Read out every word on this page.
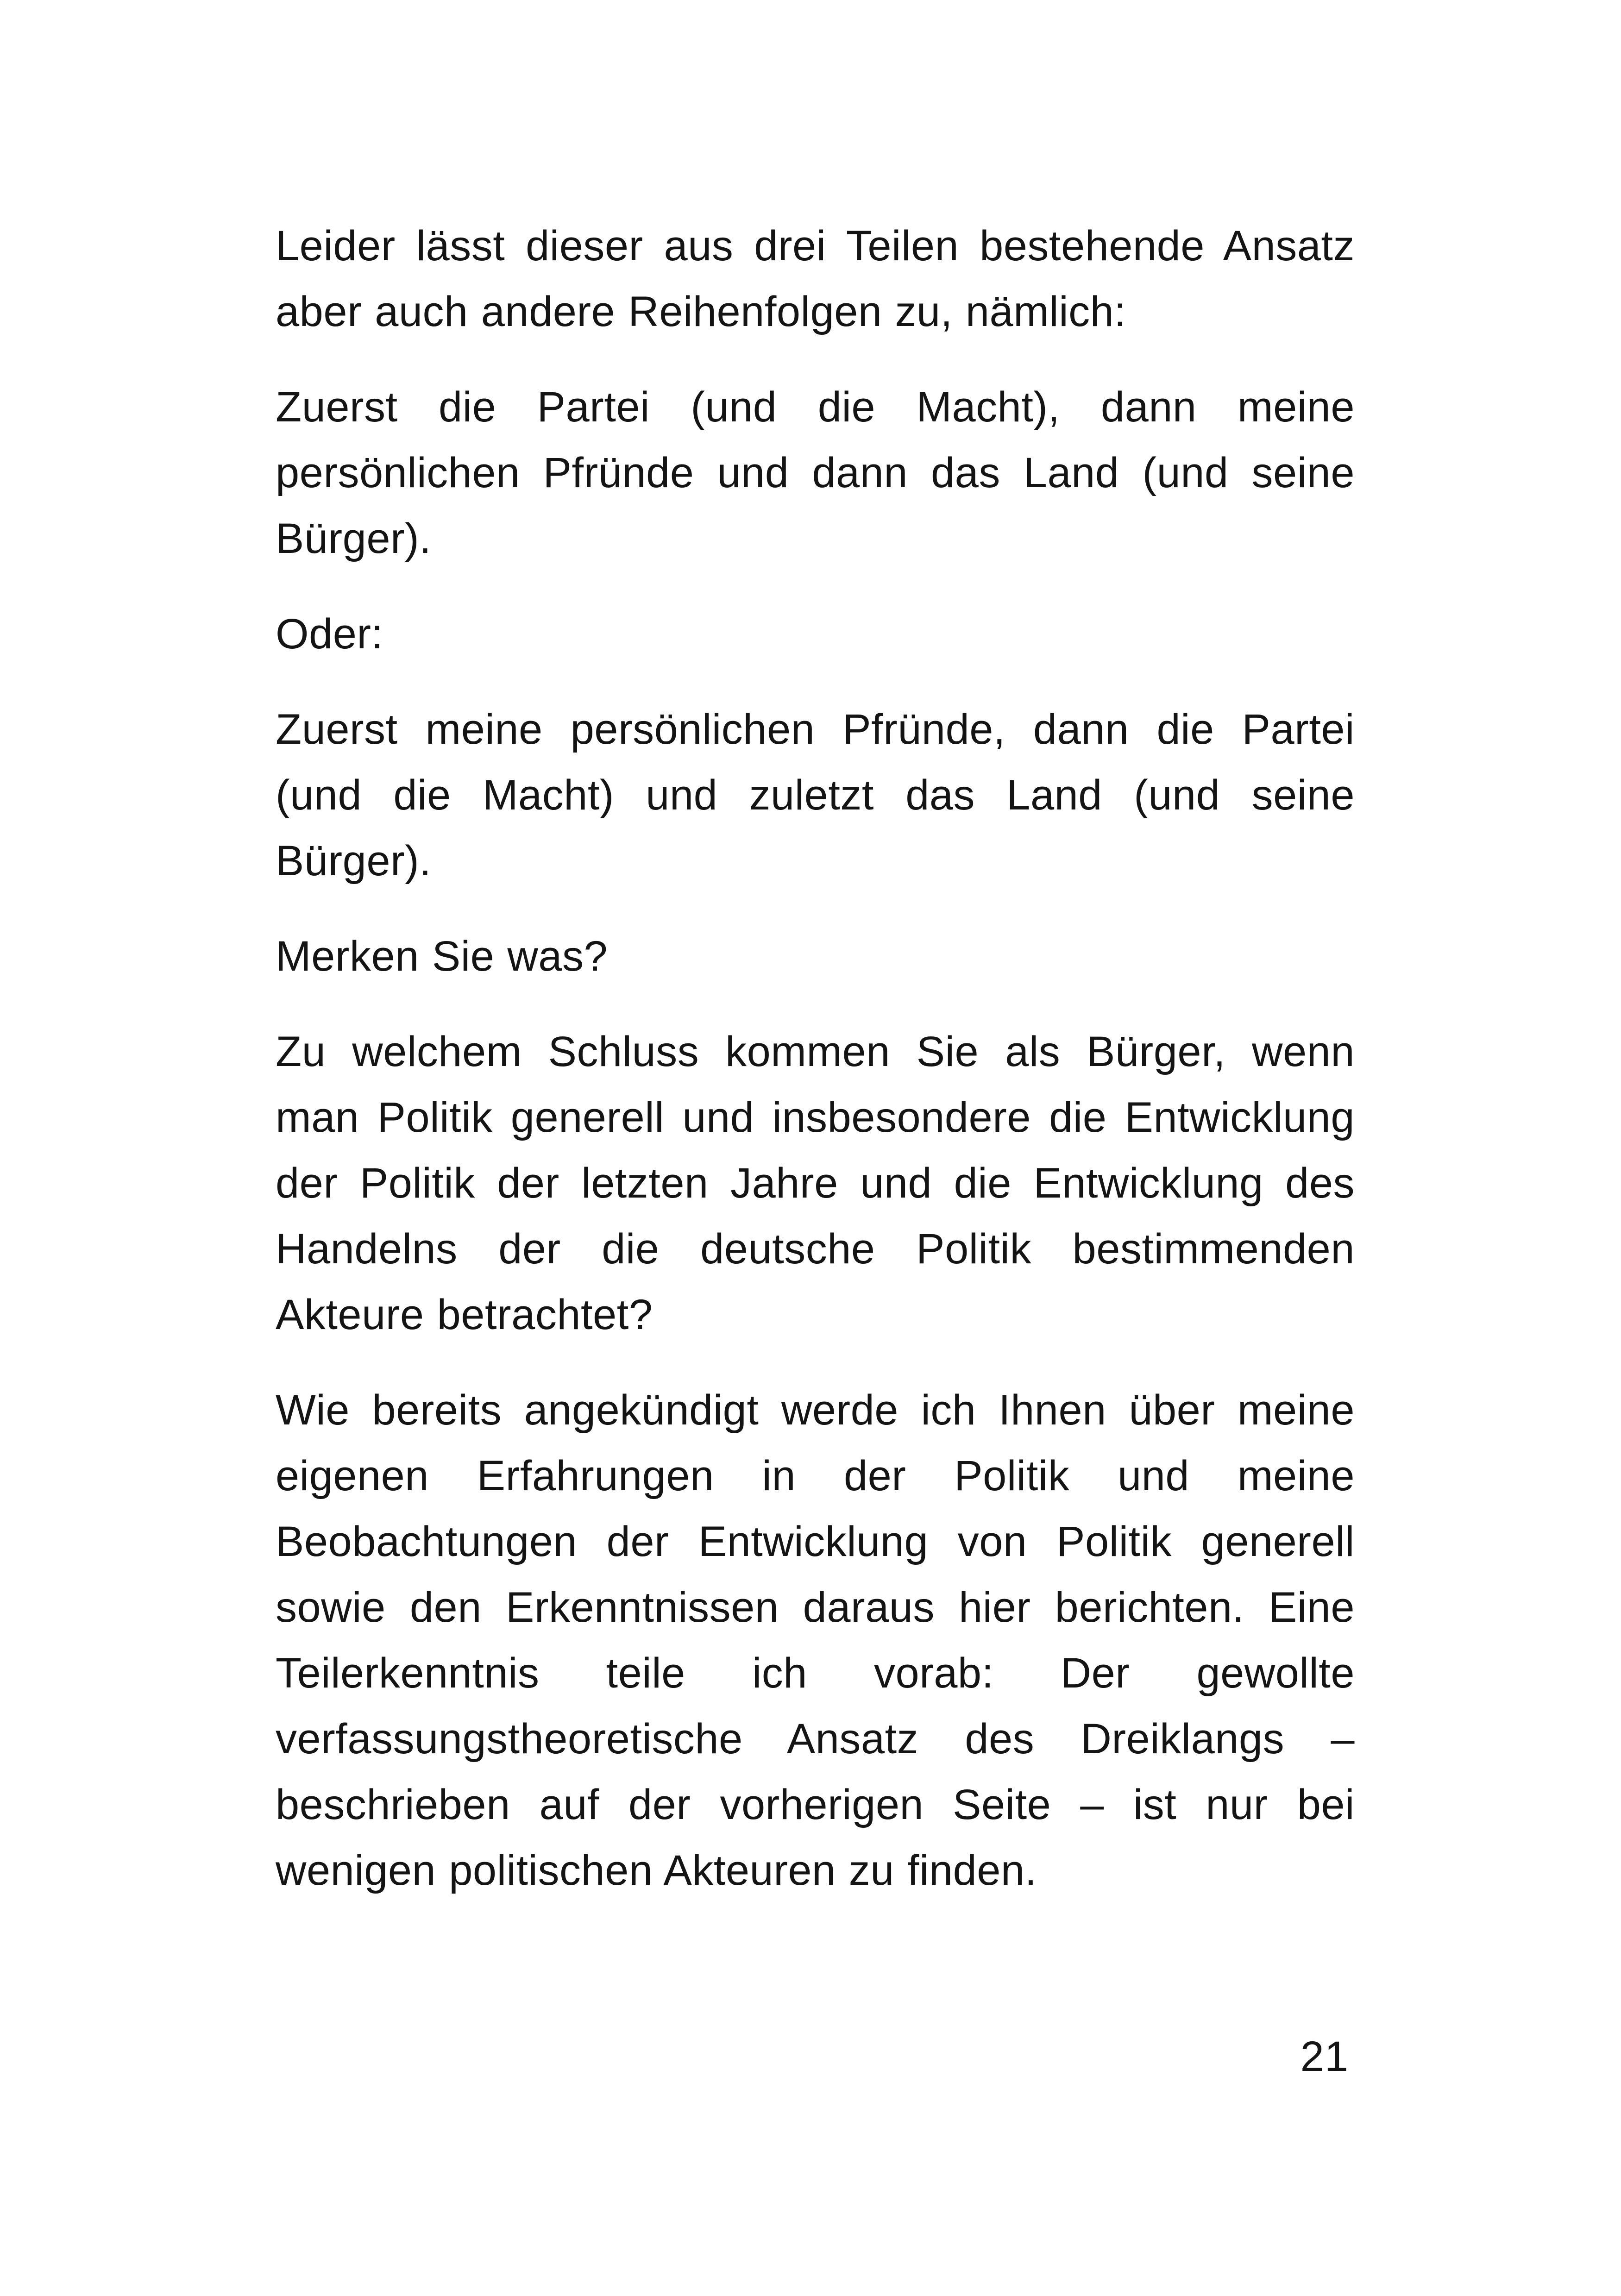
Leider lässt dieser aus drei Teilen bestehende Ansatz aber auch andere Reihenfolgen zu, nämlich:

Zuerst die Partei (und die Macht), dann meine persönlichen Pfründe und dann das Land (und seine Bürger).

Oder:

Zuerst meine persönlichen Pfründe, dann die Partei (und die Macht) und zuletzt das Land (und seine Bürger).

Merken Sie was?

Zu welchem Schluss kommen Sie als Bürger, wenn man Politik generell und insbesondere die Entwicklung der Politik der letzten Jahre und die Entwicklung des Handelns der die deutsche Politik bestimmenden Akteure betrachtet?

Wie bereits angekündigt werde ich Ihnen über meine eigenen Erfahrungen in der Politik und meine Beobachtungen der Entwicklung von Politik generell sowie den Erkenntnissen daraus hier berichten. Eine Teilerkenntnis teile ich vorab: Der gewollte verfassungstheoretische Ansatz des Dreiklangs – beschrieben auf der vorherigen Seite – ist nur bei wenigen politischen Akteuren zu finden.

21
